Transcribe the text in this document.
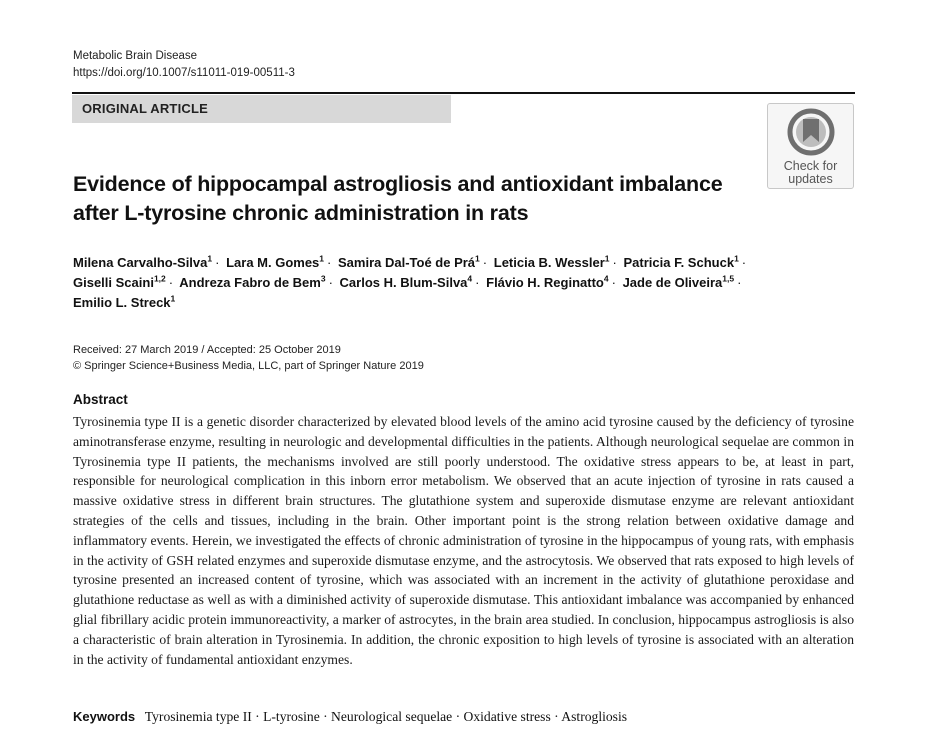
Metabolic Brain Disease
https://doi.org/10.1007/s11011-019-00511-3
ORIGINAL ARTICLE
Check for
updates
Evidence of hippocampal astrogliosis and antioxidant imbalance
after L-tyrosine chronic administration in rats
Milena Carvalho-Silva$^1$ · Lara M. Gomes$^1$ · Samira Dal-Toé de Prá$^1$ · Leticia B. Wessler$^1$ · Patricia F. Schuck$^1$ ·
Giselli Scaini$^{1,2}$ · Andreza Fabro de Bem$^3$ · Carlos H. Blum-Silva$^4$ · Flávio H. Reginatto$^4$ · Jade de Oliveira$^{1,5}$ ·
Emilio L. Streck$^1$
Received: 27 March 2019 / Accepted: 25 October 2019
© Springer Science+Business Media, LLC, part of Springer Nature 2019
Abstract
Tyrosinemia type II is a genetic disorder characterized by elevated blood levels of the amino acid tyrosine caused by the deficiency of tyrosine aminotransferase enzyme, resulting in neurologic and developmental difficulties in the patients. Although neurological sequelae are common in Tyrosinemia type II patients, the mechanisms involved are still poorly understood. The oxidative stress appears to be, at least in part, responsible for neurological complication in this inborn error metabolism. We observed that an acute injection of tyrosine in rats caused a massive oxidative stress in different brain structures. The glutathione system and superoxide dismutase enzyme are relevant antioxidant strategies of the cells and tissues, including in the brain. Other important point is the strong relation between oxidative damage and inflammatory events. Herein, we investigated the effects of chronic administration of tyrosine in the hippocampus of young rats, with emphasis in the activity of GSH related enzymes and superoxide dismutase enzyme, and the astrocytosis. We observed that rats exposed to high levels of tyrosine presented an increased content of tyrosine, which was associated with an increment in the activity of glutathione peroxidase and glutathione reductase as well as with a diminished activity of superoxide dismutase. This antioxidant imbalance was accompanied by enhanced glial fibrillary acidic protein immunoreactivity, a marker of astrocytes, in the brain area studied. In conclusion, hippocampus astrogliosis is also a characteristic of brain alteration in Tyrosinemia. In addition, the chronic exposition to high levels of tyrosine is associated with an alteration in the activity of fundamental antioxidant enzymes.
Keywords Tyrosinemia type II · L-tyrosine · Neurological sequelae · Oxidative stress · Astrogliosis
